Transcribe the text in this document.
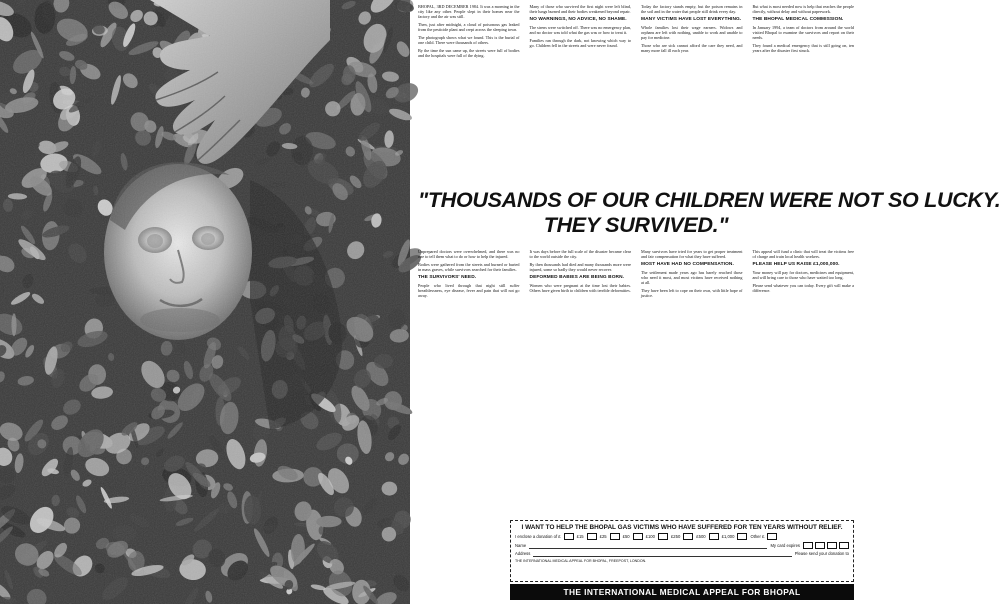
BHOPAL, 3RD DECEMBER 1984. It was a morning in the city like any other. People slept in their homes near the factory and the air was still.

Then, just after midnight, a cloud of poisonous gas leaked from the pesticide plant and crept across the sleeping town.

The photograph shows what we found. This is the burial of one child. There were thousands of others.

By the time the sun came up, the streets were full of bodies and the hospitals were full of the dying.

Many of those who survived the first night were left blind, their lungs burned and their bodies weakened beyond repair.

NO WARNINGS, NO ADVICE, NO SHAME.

The sirens were switched off. There was no emergency plan, and no doctor was told what the gas was or how to treat it.

Families ran through the dark, not knowing which way to go. Children fell in the streets and were never found.

Today the factory stands empty, but the poison remains in the soil and in the water that people still drink every day.

MANY VICTIMS HAVE LOST EVERYTHING.

Whole families lost their wage earners. Widows and orphans are left with nothing, unable to work and unable to pay for medicine.

Those who are sick cannot afford the care they need, and many more fall ill each year.

But what is most needed now is help that reaches the people directly, without delay and without paperwork.

THE BHOPAL MEDICAL COMMISSION.

In January 1994, a team of doctors from around the world visited Bhopal to examine the survivors and report on their needs.

They found a medical emergency that is still going on, ten years after the disaster first struck.

"THOUSANDS OF OUR CHILDREN WERE NOT SO LUCKY.
THEY SURVIVED."

Unprepared doctors were overwhelmed, and there was no one to tell them what to do or how to help the injured.

Bodies were gathered from the streets and burned or buried in mass graves, while survivors searched for their families.

THE SURVIVORS' NEED.

People who lived through that night still suffer breathlessness, eye disease, fever and pain that will not go away.

It was days before the full scale of the disaster became clear to the world outside the city.

By then thousands had died and many thousands more were injured, some so badly they would never recover.

DEFORMED BABIES ARE BEING BORN.

Women who were pregnant at the time lost their babies. Others have given birth to children with terrible deformities.

Many survivors have tried for years to get proper treatment and fair compensation for what they have suffered.

MOST HAVE HAD NO COMPENSATION.

The settlement made years ago has barely reached those who need it most, and most victims have received nothing at all.

They have been left to cope on their own, with little hope of justice.

This appeal will fund a clinic that will treat the victims free of charge and train local health workers.

PLEASE HELP US RAISE £1,000,000.

Your money will pay for doctors, medicines and equipment, and will bring care to those who have waited too long.

Please send whatever you can today. Every gift will make a difference.

I WANT TO HELP THE BHOPAL GAS VICTIMS WHO HAVE SUFFERED FOR TEN YEARS WITHOUT RELIEF.
I enclose a donation of £	£15	£25	£50	£100	£250	£500	£1,000	Other £
Name	My card expires
Address	Please send your donation to
THE INTERNATIONAL MEDICAL APPEAL FOR BHOPAL, FREEPOST, LONDON.
THE INTERNATIONAL MEDICAL APPEAL FOR BHOPAL
